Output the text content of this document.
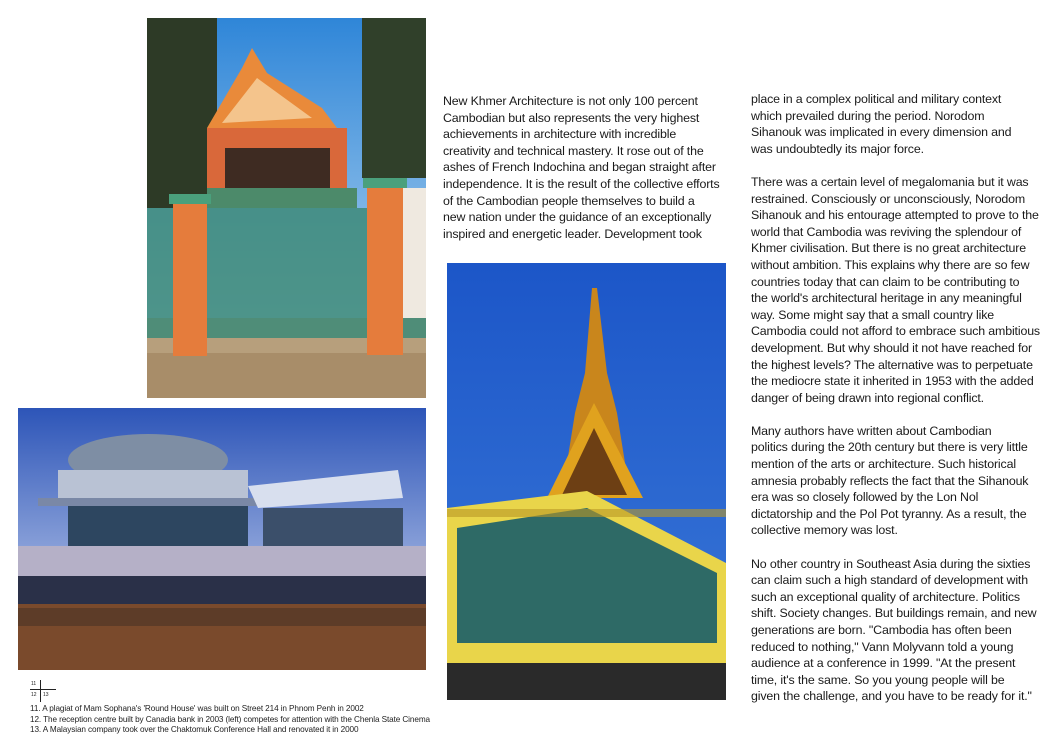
New Khmer Architecture is not only 100 percent
Cambodian but also represents the very highest
achievements in architecture with incredible
creativity and technical mastery. It rose out of the
ashes of French Indochina and began straight after
independence. It is the result of the collective efforts
of the Cambodian people themselves to build a
new nation under the guidance of an exceptionally
inspired and energetic leader. Development took

place in a complex political and military context
which prevailed during the period. Norodom
Sihanouk was implicated in every dimension and
was undoubtedly its major force.

There was a certain level of megalomania but it was
restrained. Consciously or unconsciously, Norodom
Sihanouk and his entourage attempted to prove to the
world that Cambodia was reviving the splendour of
Khmer civilisation. But there is no great architecture
without ambition. This explains why there are so few
countries today that can claim to be contributing to
the world's architectural heritage in any meaningful
way. Some might say that a small country like
Cambodia could not afford to embrace such ambitious
development. But why should it not have reached for
the highest levels? The alternative was to perpetuate
the mediocre state it inherited in 1953 with the added
danger of being drawn into regional conflict.

Many authors have written about Cambodian
politics during the 20th century but there is very little
mention of the arts or architecture. Such historical
amnesia probably reflects the fact that the Sihanouk
era was so closely followed by the Lon Nol
dictatorship and the Pol Pot tyranny. As a result, the
collective memory was lost.

No other country in Southeast Asia during the sixties
can claim such a high standard of development with
such an exceptional quality of architecture. Politics
shift. Society changes. But buildings remain, and new
generations are born. "Cambodia has often been
reduced to nothing," Vann Molyvann told a young
audience at a conference in 1999. "At the present
time, it's the same. So you young people will be
given the challenge, and you have to be ready for it."

11
12 13
11. A plagiat of Mam Sophana's 'Round House' was built on Street 214 in Phnom Penh in 2002
12. The reception centre built by Canadia bank in 2003 (left) competes for attention with the Chenla State Cinema
13. A Malaysian company took over the Chaktomuk Conference Hall and renovated it in 2000
